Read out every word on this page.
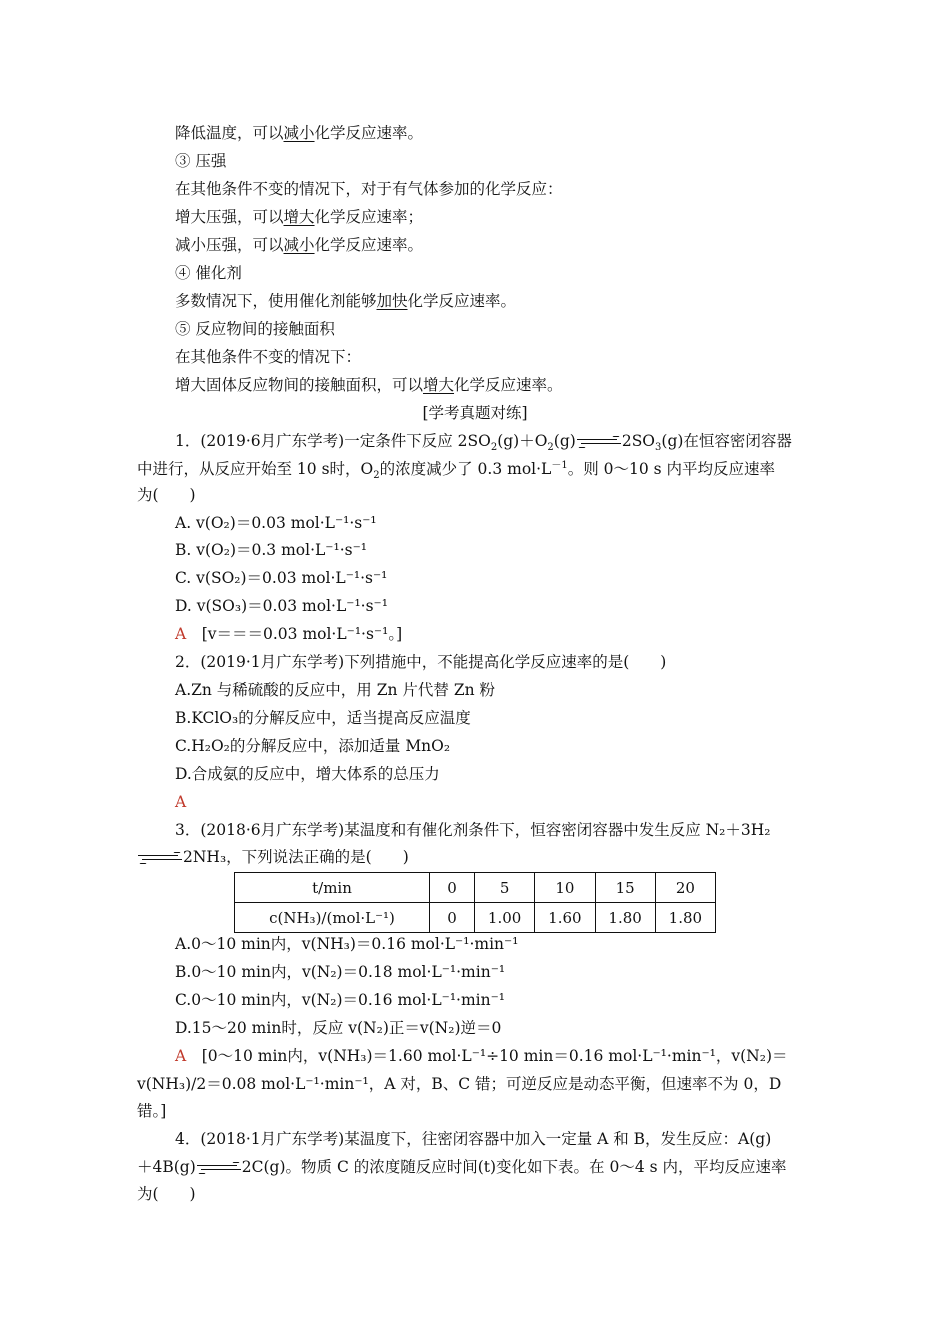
降低温度，可以减小化学反应速率。
③ 压强
在其他条件不变的情况下，对于有气体参加的化学反应：
增大压强，可以增大化学反应速率；
减小压强，可以减小化学反应速率。
④ 催化剂
多数情况下，使用催化剂能够加快化学反应速率。
⑤ 反应物间的接触面积
在其他条件不变的情况下：
增大固体反应物间的接触面积，可以增大化学反应速率。
[学考真题对练]
1．(2019·6月广东学考)一定条件下反应 $2SO_2(g)+O_2(g)\to 2SO_3(g)$在恒容密闭容器
中进行，从反应开始至 10 s时，$O_2$的浓度减少了 0.3 $mol\cdot L^{-1}$。则 0～10 s 内平均反应速率
为(　　)
A. v(O₂)＝0.03 mol·L⁻¹·s⁻¹
B. v(O₂)＝0.3 mol·L⁻¹·s⁻¹
C. v(SO₂)＝0.03 mol·L⁻¹·s⁻¹
D. v(SO₃)＝0.03 mol·L⁻¹·s⁻¹
A　[v＝＝＝0.03 mol·L⁻¹·s⁻¹。]
2．(2019·1月广东学考)下列措施中，不能提高化学反应速率的是(　　)
A.Zn 与稀硫酸的反应中，用 Zn 片代替 Zn 粉
B.KClO₃的分解反应中，适当提高反应温度
C.H₂O₂的分解反应中，添加适量 MnO₂
D.合成氨的反应中，增大体系的总压力
A
3．(2018·6月广东学考)某温度和有催化剂条件下，恒容密闭容器中发生反应 N₂＋3H₂
→2NH₃，下列说法正确的是(　　)
t/min	0	5	10	15	20
c(NH₃)/(mol·L⁻¹)	0	1.00	1.60	1.80	1.80
A.0～10 min内，v(NH₃)＝0.16 mol·L⁻¹·min⁻¹
B.0～10 min内，v(N₂)＝0.18 mol·L⁻¹·min⁻¹
C.0～10 min内，v(N₂)＝0.16 mol·L⁻¹·min⁻¹
D.15～20 min时，反应 v(N₂)正＝v(N₂)逆＝0
A　[0～10 min内，v(NH₃)＝1.60 mol·L⁻¹÷10 min＝0.16 mol·L⁻¹·min⁻¹，v(N₂)＝
v(NH₃)/2＝0.08 mol·L⁻¹·min⁻¹，A 对，B、C 错；可逆反应是动态平衡，但速率不为 0，D
错。]
4．(2018·1月广东学考)某温度下，往密闭容器中加入一定量 A 和 B，发生反应：A(g)
＋4B(g)→2C(g)。物质 C 的浓度随反应时间(t)变化如下表。在 0～4 s 内，平均反应速率
为(　　)
